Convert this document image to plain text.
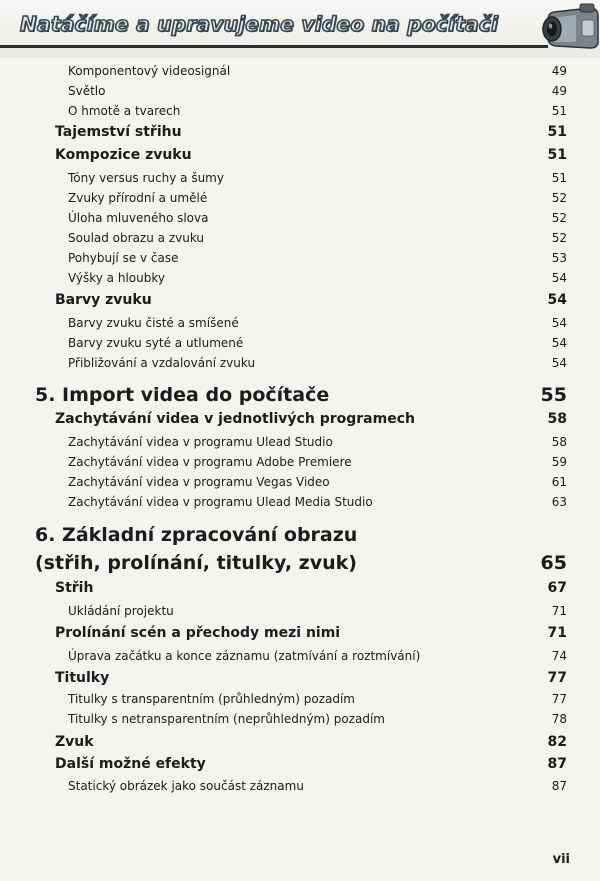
Natáčíme a upravujeme video na počítači
Komponentový videosignál	49
Světlo	49
O hmotě a tvarech	51
Tajemství střihu	51
Kompozice zvuku	51
Tóny versus ruchy a šumy	51
Zvuky přírodní a umělé	52
Úloha mluveného slova	52
Soulad obrazu a zvuku	52
Pohybují se v čase	53
Výšky a hloubky	54
Barvy zvuku	54
Barvy zvuku čisté a smíšené	54
Barvy zvuku syté a utlumené	54
Přibližování a vzdalování zvuku	54
5. Import videa do počítače	55
Zachytávání videa v jednotlivých programech	58
Zachytávání videa v programu Ulead Studio	58
Zachytávání videa v programu Adobe Premiere	59
Zachytávání videa v programu Vegas Video	61
Zachytávání videa v programu Ulead Media Studio	63
6. Základní zpracování obrazu
(střih, prolínání, titulky, zvuk)	65
Střih	67
Ukládání projektu	71
Prolínání scén a přechody mezi nimi	71
Úprava začátku a konce záznamu (zatmívání a roztmívání)	74
Titulky	77
Titulky s transparentním (průhledným) pozadím	77
Titulky s netransparentním (neprůhledným) pozadím	78
Zvuk	82
Další možné efekty	87
Statický obrázek jako součást záznamu	87
vii
